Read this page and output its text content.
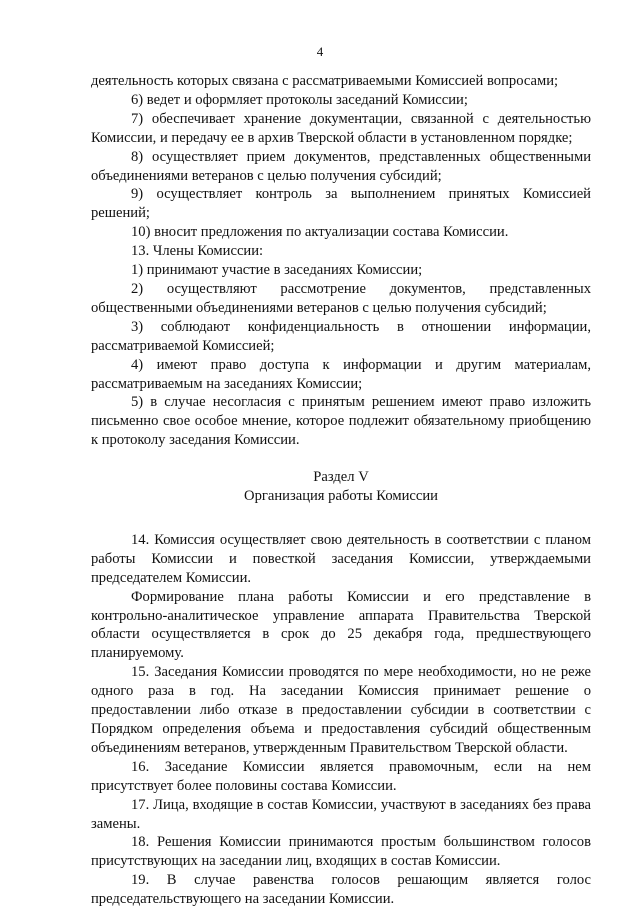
4

деятельность которых связана с рассматриваемыми Комиссией вопросами;

6) ведет и оформляет протоколы заседаний Комиссии;

7) обеспечивает хранение документации, связанной с деятельностью Комиссии, и передачу ее в архив Тверской области в установленном порядке;

8) осуществляет прием документов, представленных общественными объединениями ветеранов с целью получения субсидий;

9) осуществляет контроль за выполнением принятых Комиссией решений;

10) вносит предложения по актуализации состава Комиссии.

13. Члены Комиссии:

1) принимают участие в заседаниях Комиссии;

2) осуществляют рассмотрение документов, представленных общественными объединениями ветеранов с целью получения субсидий;

3) соблюдают конфиденциальность в отношении информации, рассматриваемой Комиссией;

4) имеют право доступа к информации и другим материалам, рассматриваемым на заседаниях Комиссии;

5) в случае несогласия с принятым решением имеют право изложить письменно свое особое мнение, которое подлежит обязательному приобщению к протоколу заседания Комиссии.

Раздел V

Организация работы Комиссии

14. Комиссия осуществляет свою деятельность в соответствии с планом работы Комиссии и повесткой заседания Комиссии, утверждаемыми председателем Комиссии.

Формирование плана работы Комиссии и его представление в контрольно-аналитическое управление аппарата Правительства Тверской области осуществляется в срок до 25 декабря года, предшествующего планируемому.

15. Заседания Комиссии проводятся по мере необходимости, но не реже одного раза в год. На заседании Комиссия принимает решение о предоставлении либо отказе в предоставлении субсидии в соответствии с Порядком определения объема и предоставления субсидий общественным объединениям ветеранов, утвержденным Правительством Тверской области.

16. Заседание Комиссии является правомочным, если на нем присутствует более половины состава Комиссии.

17. Лица, входящие в состав Комиссии, участвуют в заседаниях без права замены.

18. Решения Комиссии принимаются простым большинством голосов присутствующих на заседании лиц, входящих в состав Комиссии.

19. В случае равенства голосов решающим является голос председательствующего на заседании Комиссии.
